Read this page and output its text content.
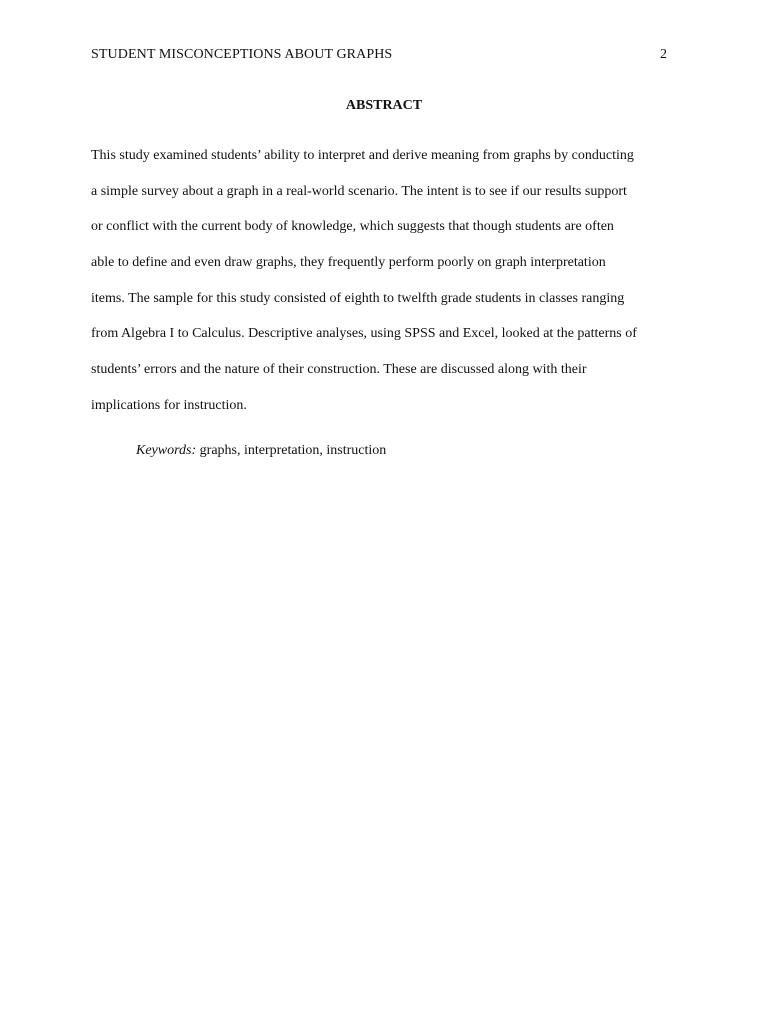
STUDENT MISCONCEPTIONS ABOUT GRAPHS	2
ABSTRACT
This study examined students’ ability to interpret and derive meaning from graphs by conducting
a simple survey about a graph in a real-world scenario. The intent is to see if our results support
or conflict with the current body of knowledge, which suggests that though students are often
able to define and even draw graphs, they frequently perform poorly on graph interpretation
items. The sample for this study consisted of eighth to twelfth grade students in classes ranging
from Algebra I to Calculus. Descriptive analyses, using SPSS and Excel, looked at the patterns of
students’ errors and the nature of their construction. These are discussed along with their
implications for instruction.
Keywords: graphs, interpretation, instruction
